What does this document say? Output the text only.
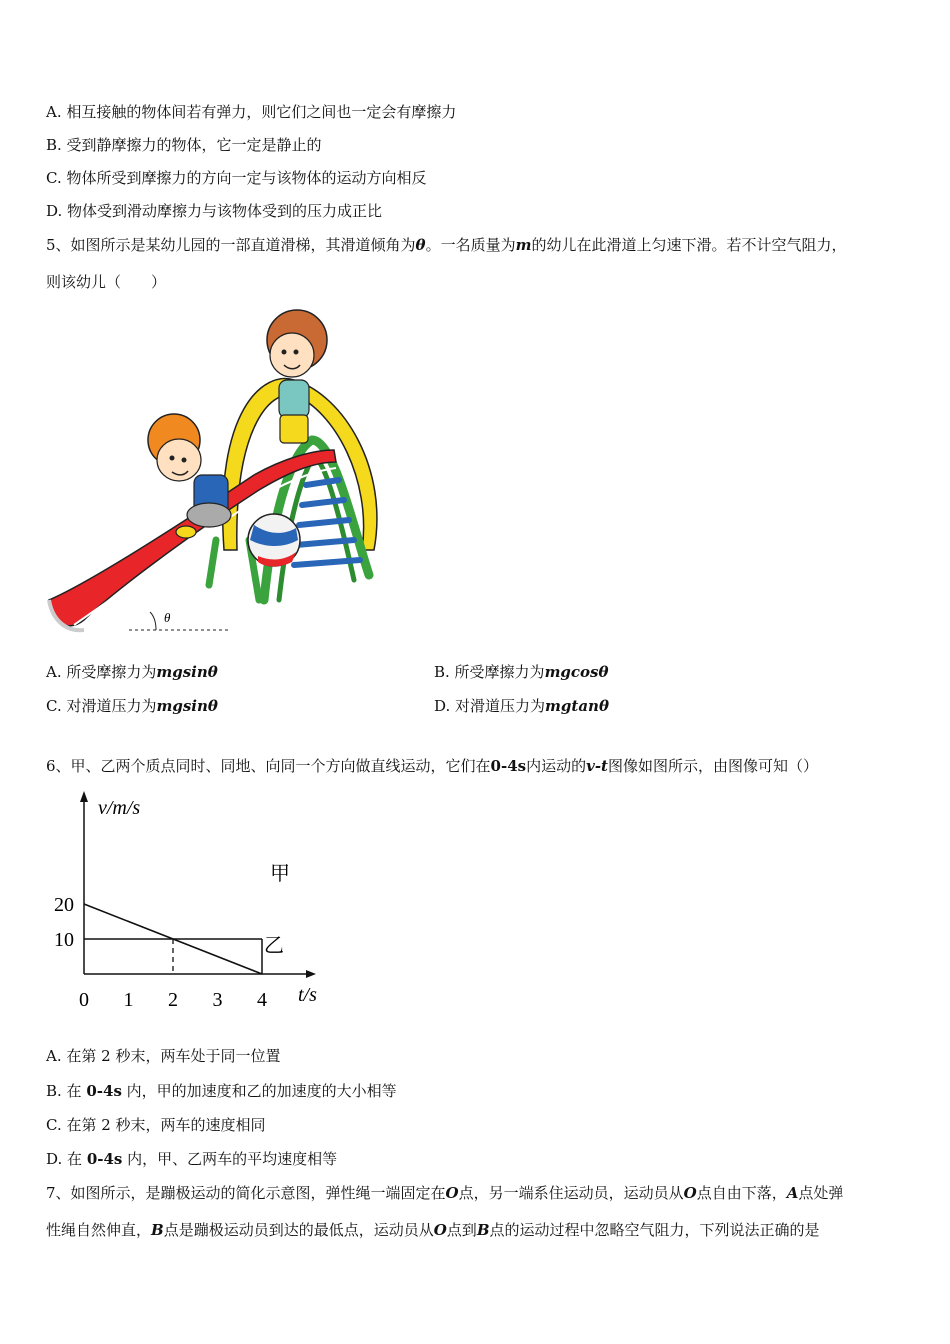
A. 相互接触的物体间若有弹力，则它们之间也一定会有摩擦力
B. 受到静摩擦力的物体，它一定是静止的
C. 物体所受到摩擦力的方向一定与该物体的运动方向相反
D. 物体受到滑动摩擦力与该物体受到的压力成正比
5、如图所示是某幼儿园的一部直道滑梯，其滑道倾角为θ。一名质量为m的幼儿在此滑道上匀速下滑。若不计空气阻力，
则该幼儿（　　）
θ
A. 所受摩擦力为mgsinθ	B. 所受摩擦力为mgcosθ
C. 对滑道压力为mgsinθ	D. 对滑道压力为mgtanθ
6、甲、乙两个质点同时、同地、向同一个方向做直线运动，它们在0-4s内运动的v-t图像如图所示，由图像可知（）
v/m/s
t/s
0 1 2 3 4
20
10
甲
乙
A. 在第 2 秒末，两车处于同一位置
B. 在 0-4s 内，甲的加速度和乙的加速度的大小相等
C. 在第 2 秒末，两车的速度相同
D. 在 0-4s 内，甲、乙两车的平均速度相等
7、如图所示，是蹦极运动的简化示意图，弹性绳一端固定在O点，另一端系住运动员，运动员从O点自由下落，A点处弹
性绳自然伸直，B点是蹦极运动员到达的最低点，运动员从O点到B点的运动过程中忽略空气阻力，下列说法正确的是
